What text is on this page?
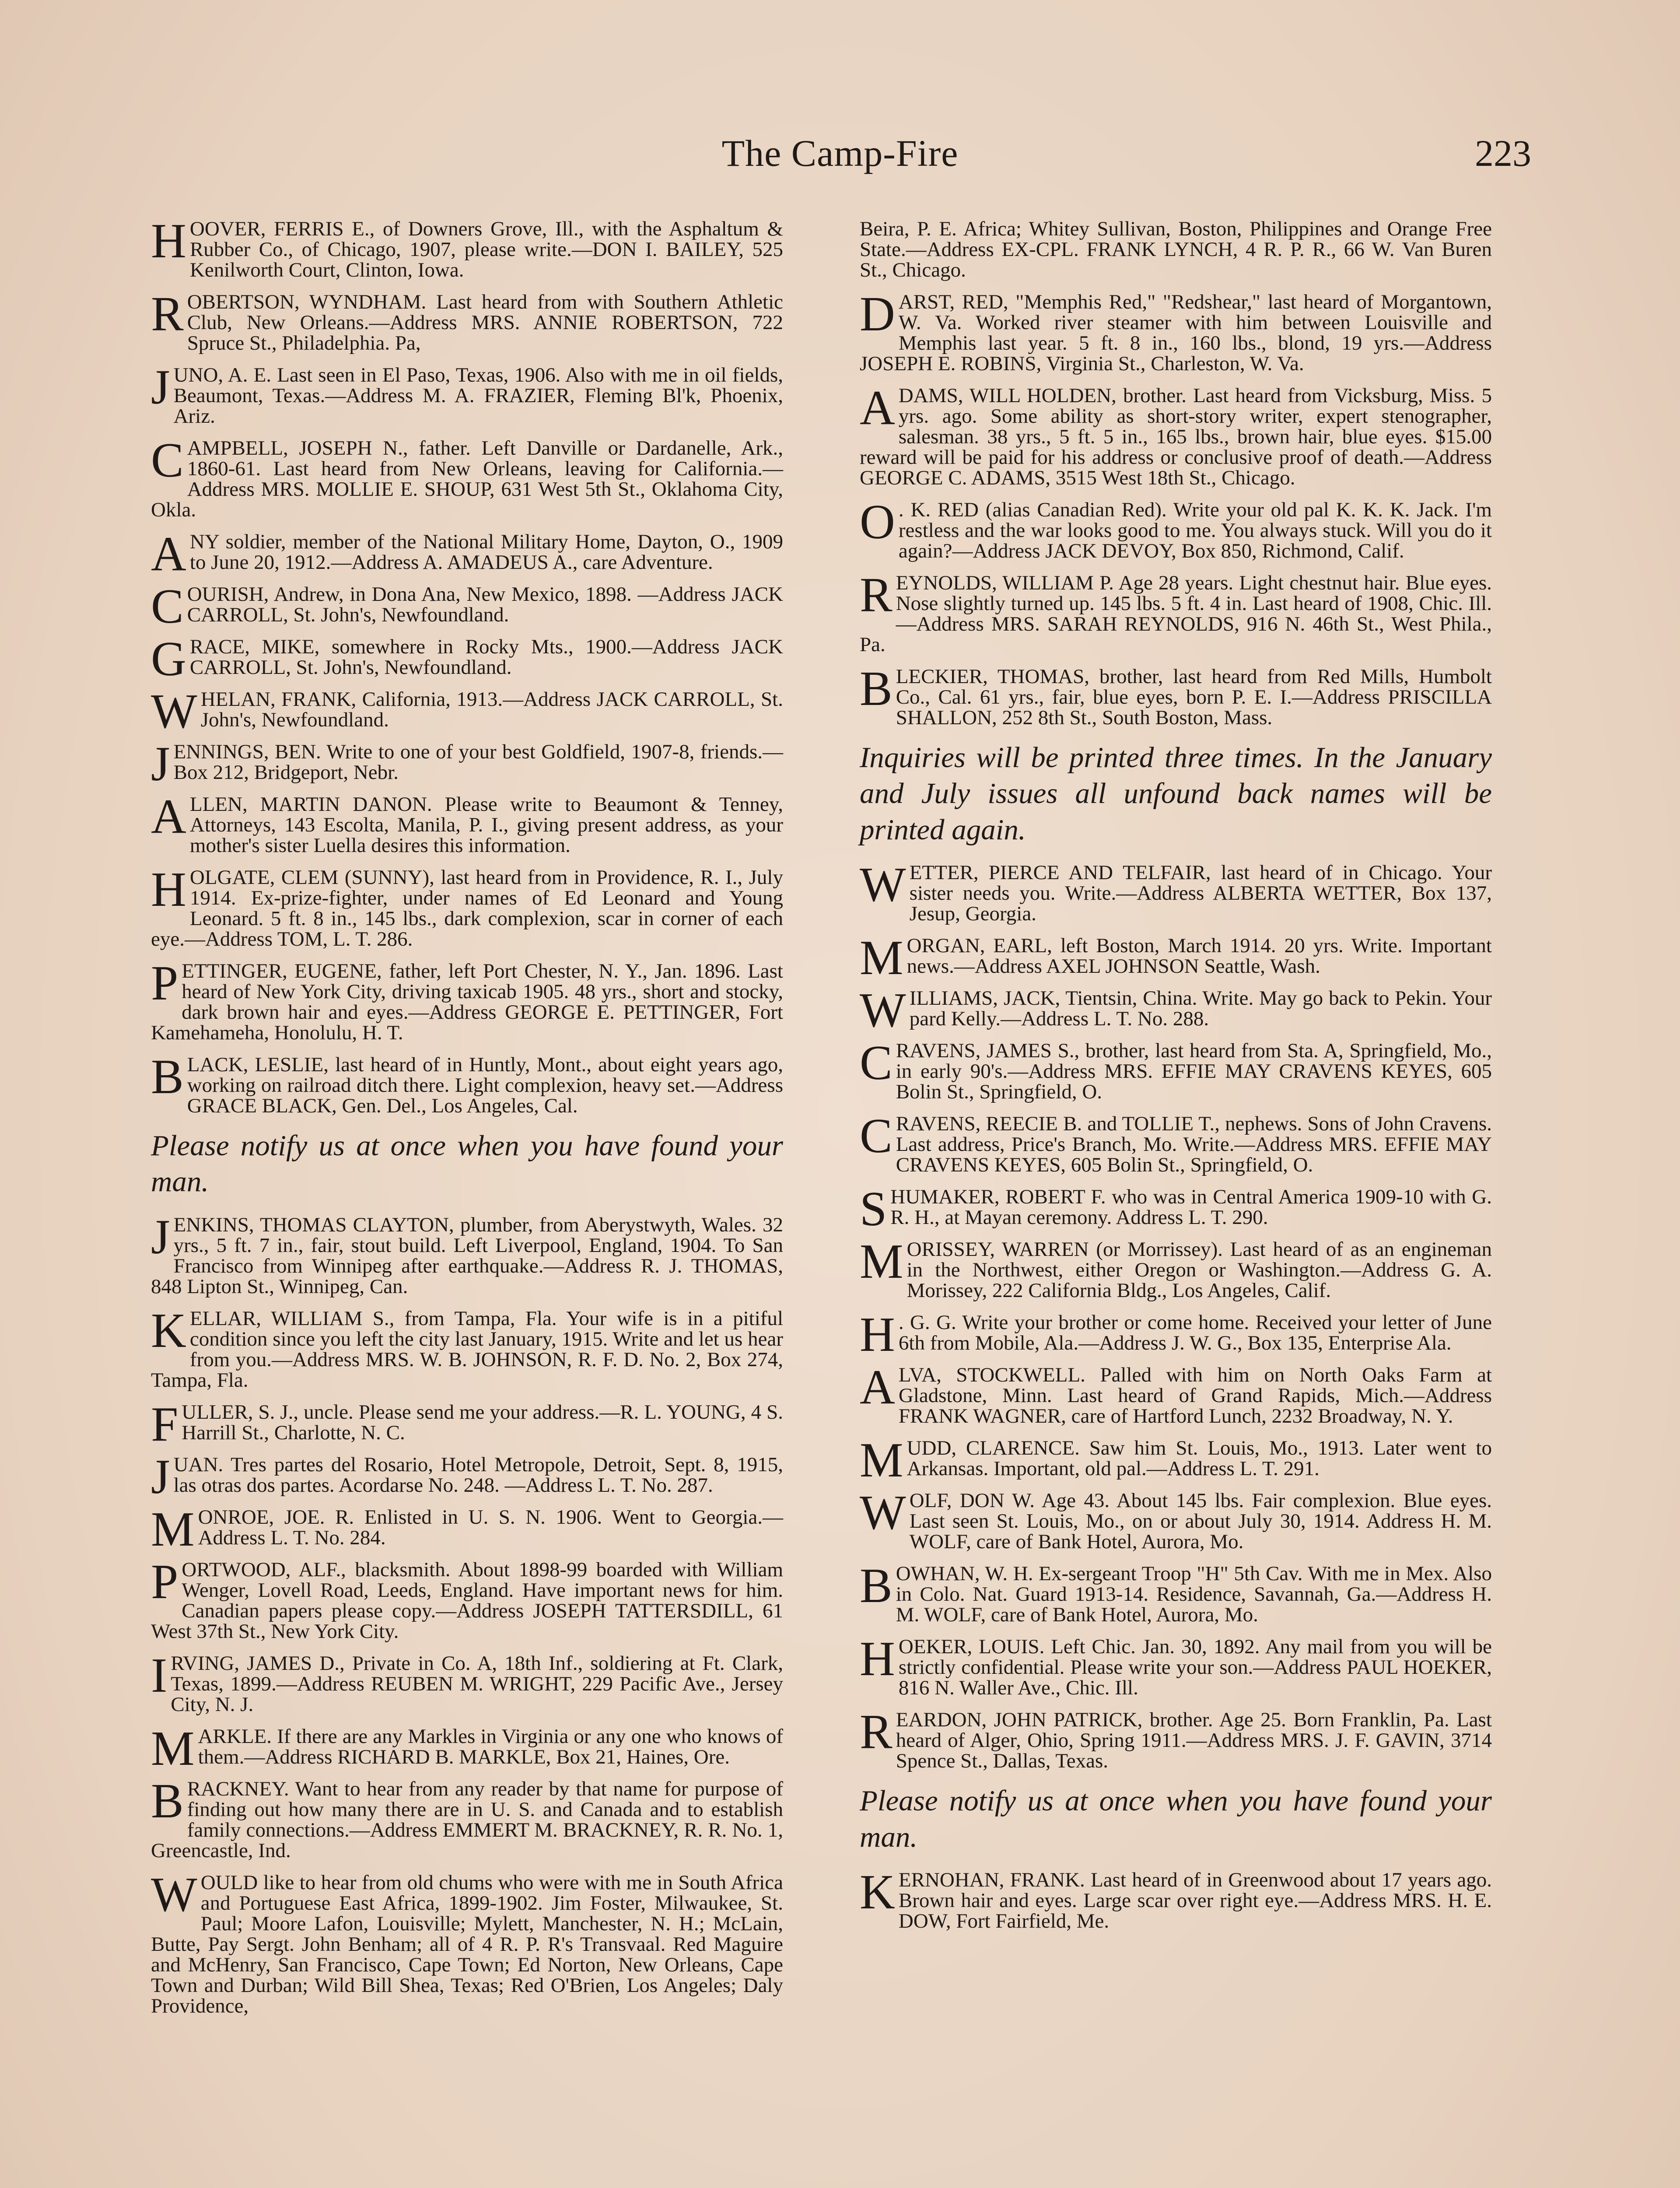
The Camp-Fire	223
H OOVER, FERRIS E., of Downers Grove, Ill., with the Asphaltum & Rubber Co., of Chicago, 1907, please write.—DON I. BAILEY, 525 Kenilworth Court, Clinton, Iowa.

R OBERTSON, WYNDHAM. Last heard from with Southern Athletic Club, New Orleans.—Address MRS. ANNIE ROBERTSON, 722 Spruce St., Philadelphia. Pa,

J UNO, A. E. Last seen in El Paso, Texas, 1906. Also with me in oil fields, Beaumont, Texas.—Address M. A. FRAZIER, Fleming Bl'k, Phoenix, Ariz.

C AMPBELL, JOSEPH N., father. Left Danville or Dardanelle, Ark., 1860-61. Last heard from New Orleans, leaving for California.—Address MRS. MOLLIE E. SHOUP, 631 West 5th St., Oklahoma City, Okla.

A NY soldier, member of the National Military Home, Dayton, O., 1909 to June 20, 1912.—Address A. AMADEUS A., care Adventure.

C OURISH, Andrew, in Dona Ana, New Mexico, 1898. —Address JACK CARROLL, St. John's, Newfoundland.

G RACE, MIKE, somewhere in Rocky Mts., 1900.—Address JACK CARROLL, St. John's, Newfoundland.

W HELAN, FRANK, California, 1913.—Address JACK CARROLL, St. John's, Newfoundland.

J ENNINGS, BEN. Write to one of your best Goldfield, 1907-8, friends.—Box 212, Bridgeport, Nebr.

A LLEN, MARTIN DANON. Please write to Beaumont & Tenney, Attorneys, 143 Escolta, Manila, P. I., giving present address, as your mother's sister Luella desires this information.

H OLGATE, CLEM (SUNNY), last heard from in Providence, R. I., July 1914. Ex-prize-fighter, under names of Ed Leonard and Young Leonard. 5 ft. 8 in., 145 lbs., dark complexion, scar in corner of each eye.—Address TOM, L. T. 286.

P ETTINGER, EUGENE, father, left Port Chester, N. Y., Jan. 1896. Last heard of New York City, driving taxicab 1905. 48 yrs., short and stocky, dark brown hair and eyes.—Address GEORGE E. PETTINGER, Fort Kamehameha, Honolulu, H. T.

B LACK, LESLIE, last heard of in Huntly, Mont., about eight years ago, working on railroad ditch there. Light complexion, heavy set.—Address GRACE BLACK, Gen. Del., Los Angeles, Cal.

Please notify us at once when you have found your man.

J ENKINS, THOMAS CLAYTON, plumber, from Aberystwyth, Wales. 32 yrs., 5 ft. 7 in., fair, stout build. Left Liverpool, England, 1904. To San Francisco from Winnipeg after earthquake.—Address R. J. THOMAS, 848 Lipton St., Winnipeg, Can.

K ELLAR, WILLIAM S., from Tampa, Fla. Your wife is in a pitiful condition since you left the city last January, 1915. Write and let us hear from you.—Address MRS. W. B. JOHNSON, R. F. D. No. 2, Box 274, Tampa, Fla.

F ULLER, S. J., uncle. Please send me your address.—R. L. YOUNG, 4 S. Harrill St., Charlotte, N. C.

J UAN. Tres partes del Rosario, Hotel Metropole, Detroit, Sept. 8, 1915, las otras dos partes. Acordarse No. 248. —Address L. T. No. 287.

M ONROE, JOE. R. Enlisted in U. S. N. 1906. Went to Georgia.—Address L. T. No. 284.

P ORTWOOD, ALF., blacksmith. About 1898-99 boarded with William Wenger, Lovell Road, Leeds, England. Have important news for him. Canadian papers please copy.—Address JOSEPH TATTERSDILL, 61 West 37th St., New York City.

I RVING, JAMES D., Private in Co. A, 18th Inf., soldiering at Ft. Clark, Texas, 1899.—Address REUBEN M. WRIGHT, 229 Pacific Ave., Jersey City, N. J.

M ARKLE. If there are any Markles in Virginia or any one who knows of them.—Address RICHARD B. MARKLE, Box 21, Haines, Ore.

B RACKNEY. Want to hear from any reader by that name for purpose of finding out how many there are in U. S. and Canada and to establish family connections.—Address EMMERT M. BRACKNEY, R. R. No. 1, Greencastle, Ind.

W OULD like to hear from old chums who were with me in South Africa and Portuguese East Africa, 1899-1902. Jim Foster, Milwaukee, St. Paul; Moore Lafon, Louisville; Mylett, Manchester, N. H.; McLain, Butte, Pay Sergt. John Benham; all of 4 R. P. R's Transvaal. Red Maguire and McHenry, San Francisco, Cape Town; Ed Norton, New Orleans, Cape Town and Durban; Wild Bill Shea, Texas; Red O'Brien, Los Angeles; Daly Providence,

Beira, P. E. Africa; Whitey Sullivan, Boston, Philippines and Orange Free State.—Address EX-CPL. FRANK LYNCH, 4 R. P. R., 66 W. Van Buren St., Chicago.

D ARST, RED, "Memphis Red," "Redshear," last heard of Morgantown, W. Va. Worked river steamer with him between Louisville and Memphis last year. 5 ft. 8 in., 160 lbs., blond, 19 yrs.—Address JOSEPH E. ROBINS, Virginia St., Charleston, W. Va.

A DAMS, WILL HOLDEN, brother. Last heard from Vicksburg, Miss. 5 yrs. ago. Some ability as short-story writer, expert stenographer, salesman. 38 yrs., 5 ft. 5 in., 165 lbs., brown hair, blue eyes. $15.00 reward will be paid for his address or conclusive proof of death.—Address GEORGE C. ADAMS, 3515 West 18th St., Chicago.

O . K. RED (alias Canadian Red). Write your old pal K. K. K. Jack. I'm restless and the war looks good to me. You always stuck. Will you do it again?—Address JACK DEVOY, Box 850, Richmond, Calif.

R EYNOLDS, WILLIAM P. Age 28 years. Light chestnut hair. Blue eyes. Nose slightly turned up. 145 lbs. 5 ft. 4 in. Last heard of 1908, Chic. Ill.—Address MRS. SARAH REYNOLDS, 916 N. 46th St., West Phila., Pa.

B LECKIER, THOMAS, brother, last heard from Red Mills, Humbolt Co., Cal. 61 yrs., fair, blue eyes, born P. E. I.—Address PRISCILLA SHALLON, 252 8th St., South Boston, Mass.

Inquiries will be printed three times. In the January and July issues all unfound back names will be printed again.

W ETTER, PIERCE AND TELFAIR, last heard of in Chicago. Your sister needs you. Write.—Address ALBERTA WETTER, Box 137, Jesup, Georgia.

M ORGAN, EARL, left Boston, March 1914. 20 yrs. Write. Important news.—Address AXEL JOHNSON Seattle, Wash.

W ILLIAMS, JACK, Tientsin, China. Write. May go back to Pekin. Your pard Kelly.—Address L. T. No. 288.

C RAVENS, JAMES S., brother, last heard from Sta. A, Springfield, Mo., in early 90's.—Address MRS. EFFIE MAY CRAVENS KEYES, 605 Bolin St., Springfield, O.

C RAVENS, REECIE B. and TOLLIE T., nephews. Sons of John Cravens. Last address, Price's Branch, Mo. Write.—Address MRS. EFFIE MAY CRAVENS KEYES, 605 Bolin St., Springfield, O.

S HUMAKER, ROBERT F. who was in Central America 1909-10 with G. R. H., at Mayan ceremony. Address L. T. 290.

M ORISSEY, WARREN (or Morrissey). Last heard of as an engineman in the Northwest, either Oregon or Washington.—Address G. A. Morissey, 222 California Bldg., Los Angeles, Calif.

H . G. G. Write your brother or come home. Received your letter of June 6th from Mobile, Ala.—Address J. W. G., Box 135, Enterprise Ala.

A LVA, STOCKWELL. Palled with him on North Oaks Farm at Gladstone, Minn. Last heard of Grand Rapids, Mich.—Address FRANK WAGNER, care of Hartford Lunch, 2232 Broadway, N. Y.

M UDD, CLARENCE. Saw him St. Louis, Mo., 1913. Later went to Arkansas. Important, old pal.—Address L. T. 291.

W OLF, DON W. Age 43. About 145 lbs. Fair complexion. Blue eyes. Last seen St. Louis, Mo., on or about July 30, 1914. Address H. M. WOLF, care of Bank Hotel, Aurora, Mo.

B OWHAN, W. H. Ex-sergeant Troop "H" 5th Cav. With me in Mex. Also in Colo. Nat. Guard 1913-14. Residence, Savannah, Ga.—Address H. M. WOLF, care of Bank Hotel, Aurora, Mo.

H OEKER, LOUIS. Left Chic. Jan. 30, 1892. Any mail from you will be strictly confidential. Please write your son.—Address PAUL HOEKER, 816 N. Waller Ave., Chic. Ill.

R EARDON, JOHN PATRICK, brother. Age 25. Born Franklin, Pa. Last heard of Alger, Ohio, Spring 1911.—Address MRS. J. F. GAVIN, 3714 Spence St., Dallas, Texas.

Please notify us at once when you have found your man.

K ERNOHAN, FRANK. Last heard of in Greenwood about 17 years ago. Brown hair and eyes. Large scar over right eye.—Address MRS. H. E. DOW, Fort Fairfield, Me.
